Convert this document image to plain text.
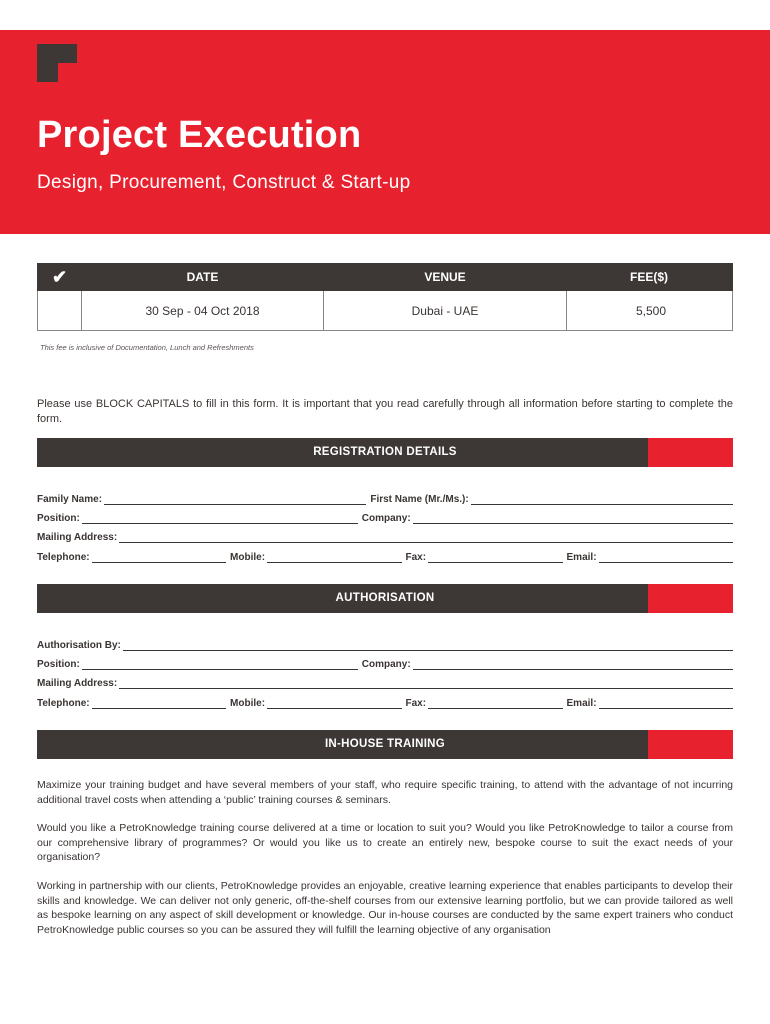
Project Execution
Design, Procurement, Construct & Start-up
✔	DATE	VENUE	FEE($)
	30 Sep - 04 Oct 2018	Dubai - UAE	5,500
This fee is inclusive of Documentation, Lunch and Refreshments
Please use BLOCK CAPITALS to fill in this form. It is important that you read carefully through all information before starting to complete the form.
REGISTRATION DETAILS
Family Name:	First Name (Mr./Ms.):
Position:	Company:
Mailing Address:
Telephone:	Mobile:	Fax:	Email:
AUTHORISATION
Authorisation By:
Position:	Company:
Mailing Address:
Telephone:	Mobile:	Fax:	Email:
IN-HOUSE TRAINING
Maximize your training budget and have several members of your staff, who require specific training, to attend with the advantage of not incurring additional travel costs when attending a ‘public’ training courses & seminars.
Would you like a PetroKnowledge training course delivered at a time or location to suit you? Would you like PetroKnowledge to tailor a course from our comprehensive library of programmes? Or would you like us to create an entirely new, bespoke course to suit the exact needs of your organisation?
Working in partnership with our clients, PetroKnowledge provides an enjoyable, creative learning experience that enables participants to develop their skills and knowledge. We can deliver not only generic, off-the-shelf courses from our extensive learning portfolio, but we can provide tailored as well as bespoke learning on any aspect of skill development or knowledge. Our in-house courses are conducted by the same expert trainers who conduct PetroKnowledge public courses so you can be assured they will fulfill the learning objective of any organisation
